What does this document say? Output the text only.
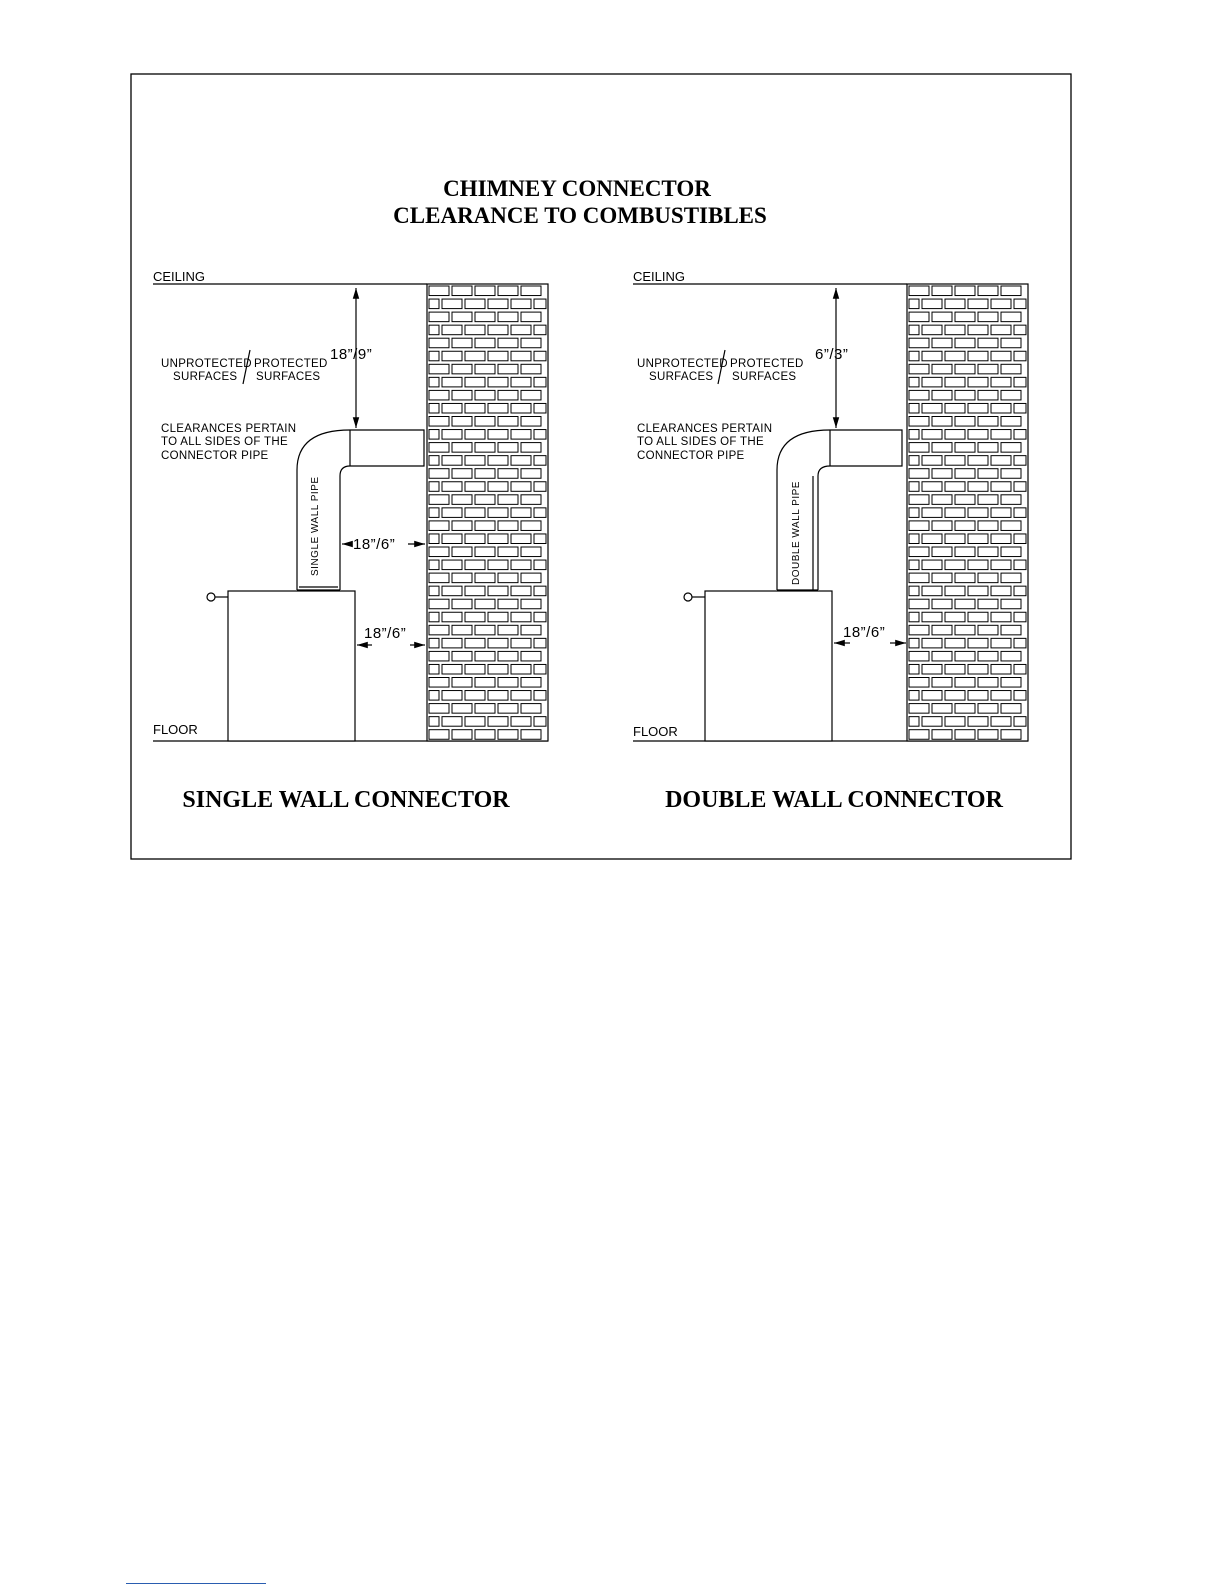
CHIMNEY CONNECTOR
CLEARANCE TO COMBUSTIBLES
CEILING
FLOOR
UNPROTECTED
SURFACES
PROTECTED
SURFACES
CLEARANCES PERTAIN
TO ALL SIDES OF THE
CONNECTOR PIPE
18”/9”
SINGLE WALL PIPE 18”/6”
18”/6”
SINGLE WALL CONNECTOR
CEILING
FLOOR
UNPROTECTED
SURFACES
PROTECTED
SURFACES
CLEARANCES PERTAIN
TO ALL SIDES OF THE
CONNECTOR PIPE
6”/3”
DOUBLE WALL PIPE
18”/6”
DOUBLE WALL CONNECTOR
